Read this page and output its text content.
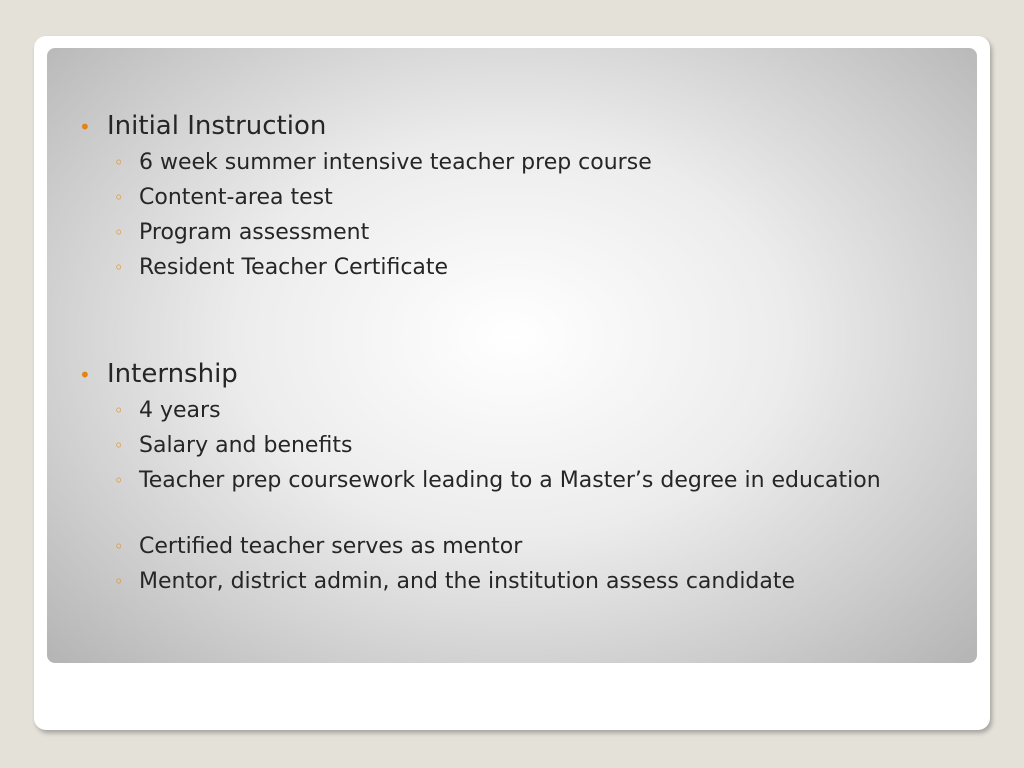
• Initial Instruction
◦ 6 week summer intensive teacher prep course
◦ Content-area test
◦ Program assessment
◦ Resident Teacher Certificate
• Internship
◦ 4 years
◦ Salary and benefits
◦ Teacher prep coursework leading to a Master’s degree in education
◦ Certified teacher serves as mentor
◦ Mentor, district admin, and the institution assess candidate
